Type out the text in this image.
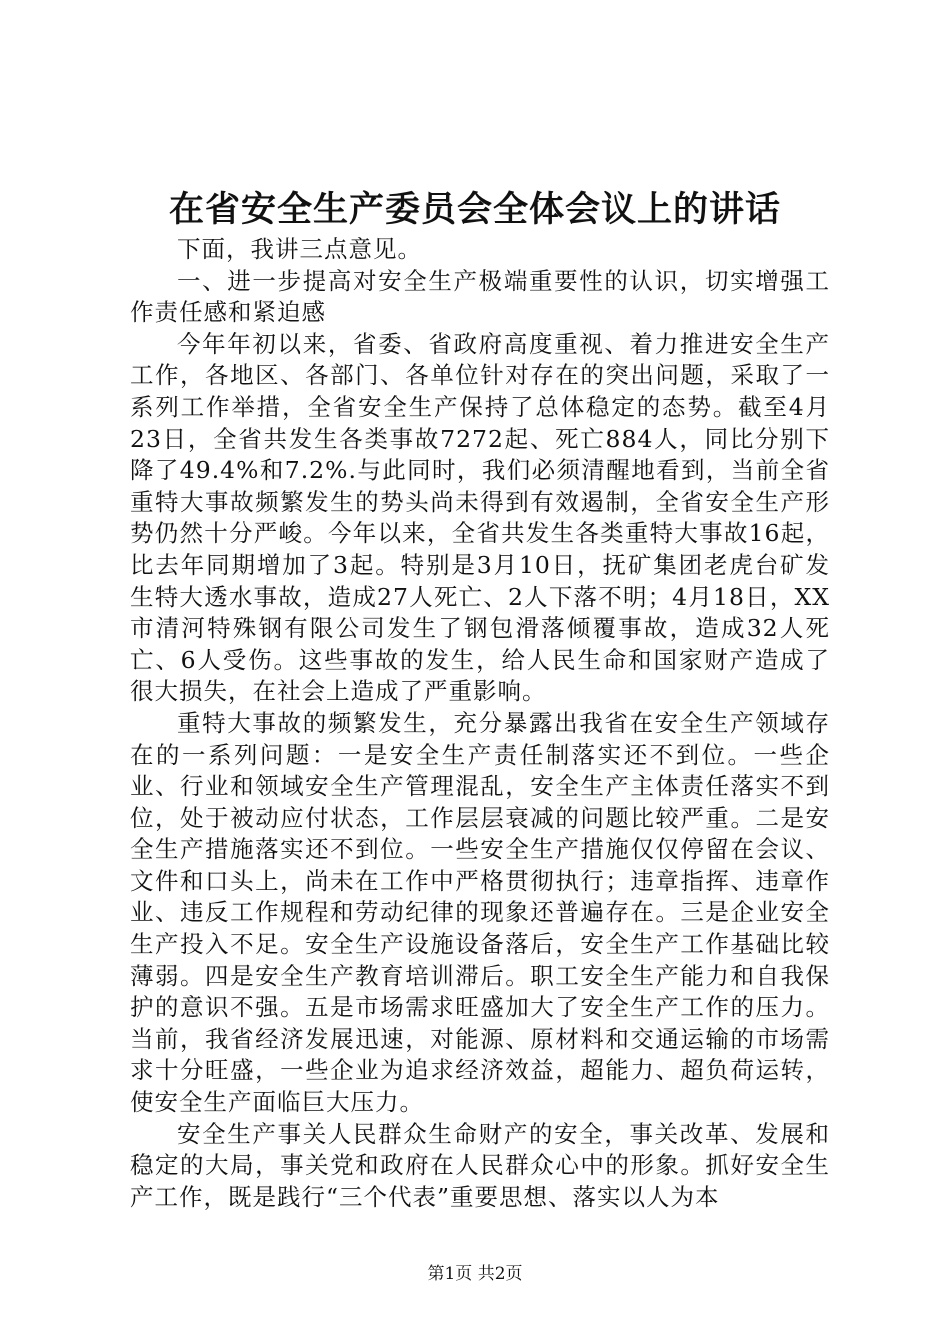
在省安全生产委员会全体会议上的讲话

下面，我讲三点意见。

一、进一步提高对安全生产极端重要性的认识，切实增强工作责任感和紧迫感

今年年初以来，省委、省政府高度重视、着力推进安全生产工作，各地区、各部门、各单位针对存在的突出问题，采取了一系列工作举措，全省安全生产保持了总体稳定的态势。截至4月23日，全省共发生各类事故7272起、死亡884人，同比分别下降了49.4%和7.2%.与此同时，我们必须清醒地看到，当前全省重特大事故频繁发生的势头尚未得到有效遏制，全省安全生产形势仍然十分严峻。今年以来，全省共发生各类重特大事故16起，比去年同期增加了3起。特别是3月10日，抚矿集团老虎台矿发生特大透水事故，造成27人死亡、2人下落不明；4月18日，XX市清河特殊钢有限公司发生了钢包滑落倾覆事故，造成32人死亡、6人受伤。这些事故的发生，给人民生命和国家财产造成了很大损失，在社会上造成了严重影响。

重特大事故的频繁发生，充分暴露出我省在安全生产领域存在的一系列问题：一是安全生产责任制落实还不到位。一些企业、行业和领域安全生产管理混乱，安全生产主体责任落实不到位，处于被动应付状态，工作层层衰减的问题比较严重。二是安全生产措施落实还不到位。一些安全生产措施仅仅停留在会议、文件和口头上，尚未在工作中严格贯彻执行；违章指挥、违章作业、违反工作规程和劳动纪律的现象还普遍存在。三是企业安全生产投入不足。安全生产设施设备落后，安全生产工作基础比较薄弱。四是安全生产教育培训滞后。职工安全生产能力和自我保护的意识不强。五是市场需求旺盛加大了安全生产工作的压力。当前，我省经济发展迅速，对能源、原材料和交通运输的市场需求十分旺盛，一些企业为追求经济效益，超能力、超负荷运转，使安全生产面临巨大压力。

安全生产事关人民群众生命财产的安全，事关改革、发展和稳定的大局，事关党和政府在人民群众心中的形象。抓好安全生产工作，既是践行“三个代表”重要思想、落实以人为本

第1页 共2页
